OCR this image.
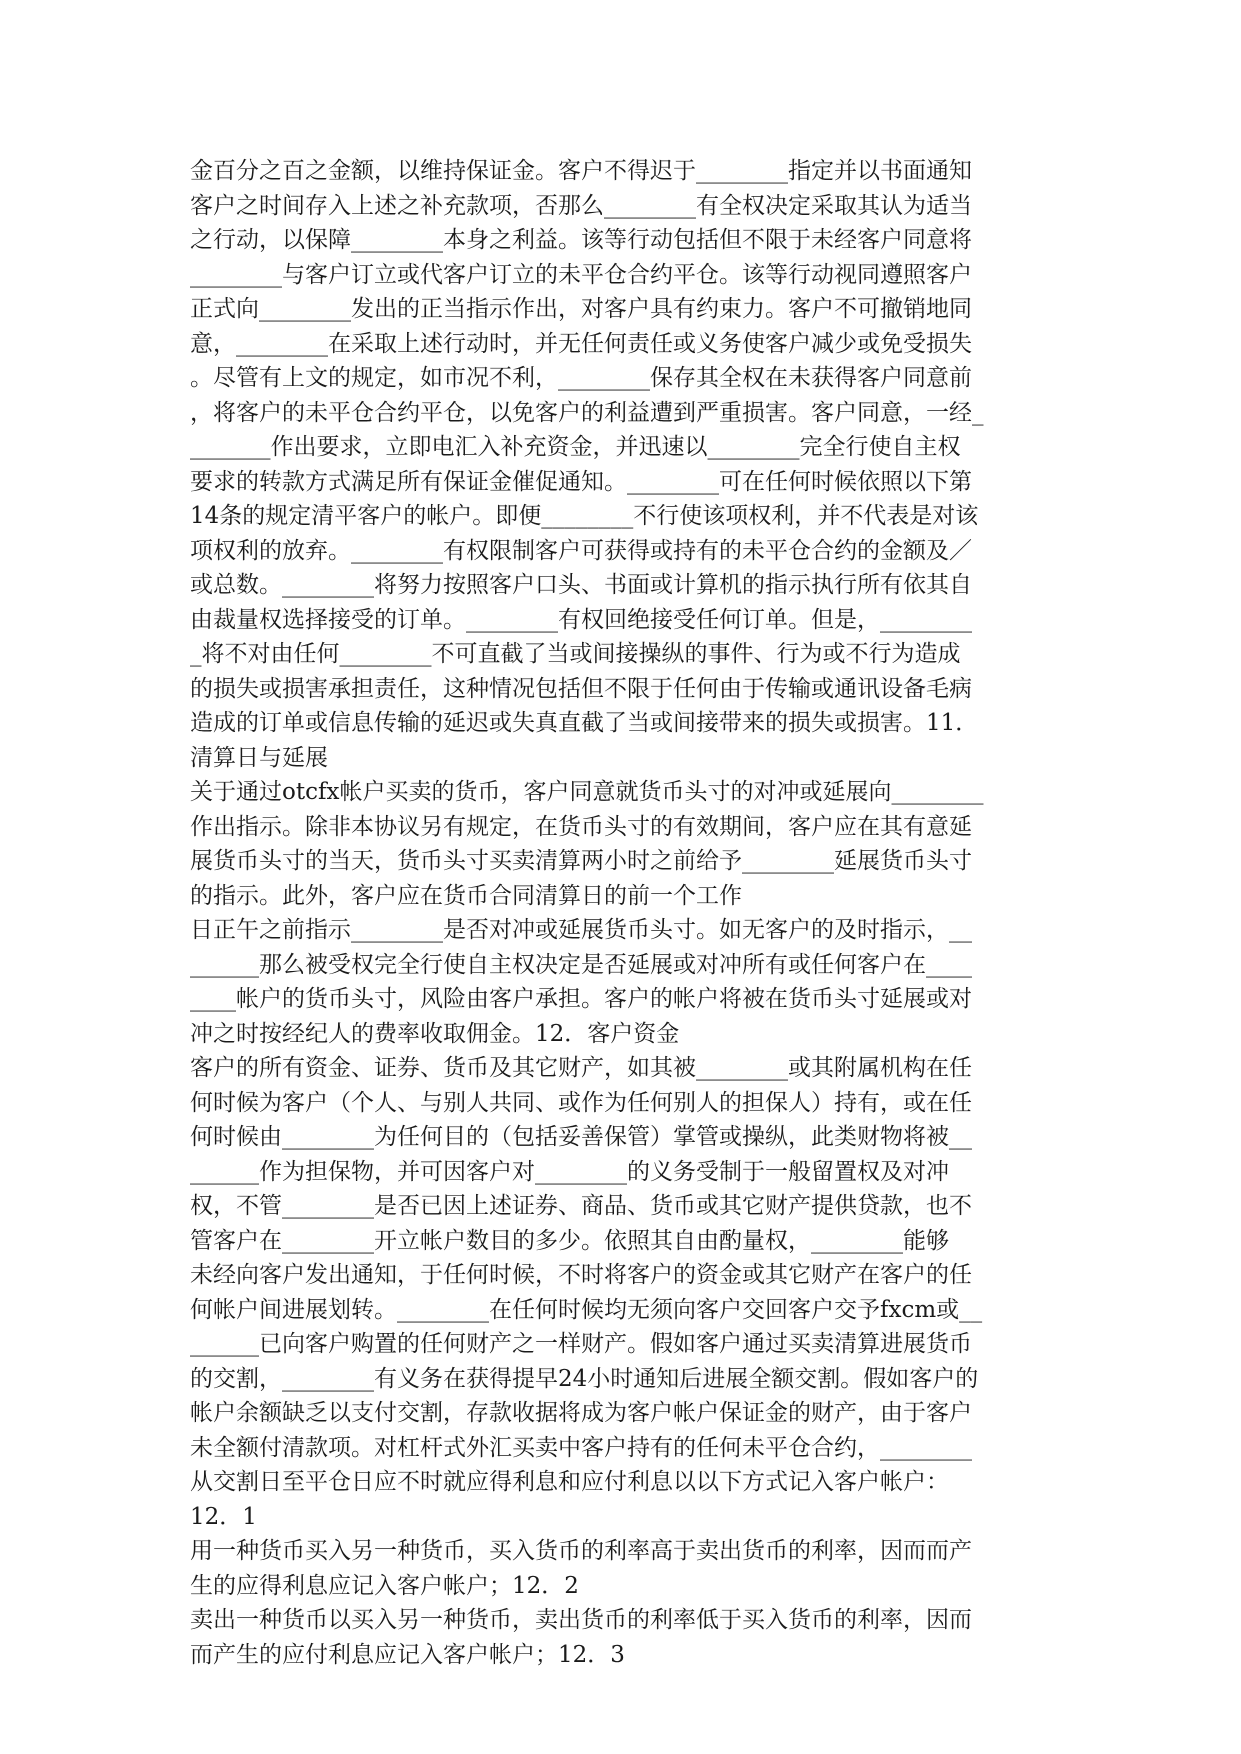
金百分之百之金额，以维持保证金。客户不得迟于________指定并以书面通知
客户之时间存入上述之补充款项，否那么________有全权决定采取其认为适当
之行动，以保障________本身之利益。该等行动包括但不限于未经客户同意将
________与客户订立或代客户订立的未平仓合约平仓。该等行动视同遵照客户
正式向________发出的正当指示作出，对客户具有约束力。客户不可撤销地同
意，________在采取上述行动时，并无任何责任或义务使客户减少或免受损失
。尽管有上文的规定，如市况不利，________保存其全权在未获得客户同意前
，将客户的未平仓合约平仓，以免客户的利益遭到严重损害。客户同意，一经_
_______作出要求，立即电汇入补充资金，并迅速以________完全行使自主权
要求的转款方式满足所有保证金催促通知。________可在任何时候依照以下第
14条的规定清平客户的帐户。即便________不行使该项权利，并不代表是对该
项权利的放弃。________有权限制客户可获得或持有的未平仓合约的金额及／
或总数。________将努力按照客户口头、书面或计算机的指示执行所有依其自
由裁量权选择接受的订单。________有权回绝接受任何订单。但是，________
_将不对由任何________不可直截了当或间接操纵的事件、行为或不行为造成
的损失或损害承担责任，这种情况包括但不限于任何由于传输或通讯设备毛病
造成的订单或信息传输的延迟或失真直截了当或间接带来的损失或损害。11．
清算日与延展
关于通过otcfx帐户买卖的货币，客户同意就货币头寸的对冲或延展向________
作出指示。除非本协议另有规定，在货币头寸的有效期间，客户应在其有意延
展货币头寸的当天，货币头寸买卖清算两小时之前给予________延展货币头寸
的指示。此外，客户应在货币合同清算日的前一个工作
日正午之前指示________是否对冲或延展货币头寸。如无客户的及时指示，__
______那么被受权完全行使自主权决定是否延展或对冲所有或任何客户在____
____帐户的货币头寸，风险由客户承担。客户的帐户将被在货币头寸延展或对
冲之时按经纪人的费率收取佣金。12．客户资金
客户的所有资金、证券、货币及其它财产，如其被________或其附属机构在任
何时候为客户（个人、与别人共同、或作为任何别人的担保人）持有，或在任
何时候由________为任何目的（包括妥善保管）掌管或操纵，此类财物将被__
______作为担保物，并可因客户对________的义务受制于一般留置权及对冲
权，不管________是否已因上述证券、商品、货币或其它财产提供贷款，也不
管客户在________开立帐户数目的多少。依照其自由酌量权，________能够
未经向客户发出通知，于任何时候，不时将客户的资金或其它财产在客户的任
何帐户间进展划转。________在任何时候均无须向客户交回客户交予fxcm或__
______已向客户购置的任何财产之一样财产。假如客户通过买卖清算进展货币
的交割，________有义务在获得提早24小时通知后进展全额交割。假如客户的
帐户余额缺乏以支付交割，存款收据将成为客户帐户保证金的财产，由于客户
未全额付清款项。对杠杆式外汇买卖中客户持有的任何未平仓合约，________
从交割日至平仓日应不时就应得利息和应付利息以以下方式记入客户帐户：
12．1
用一种货币买入另一种货币，买入货币的利率高于卖出货币的利率，因而而产
生的应得利息应记入客户帐户；12．2
卖出一种货币以买入另一种货币，卖出货币的利率低于买入货币的利率，因而
而产生的应付利息应记入客户帐户；12．3
